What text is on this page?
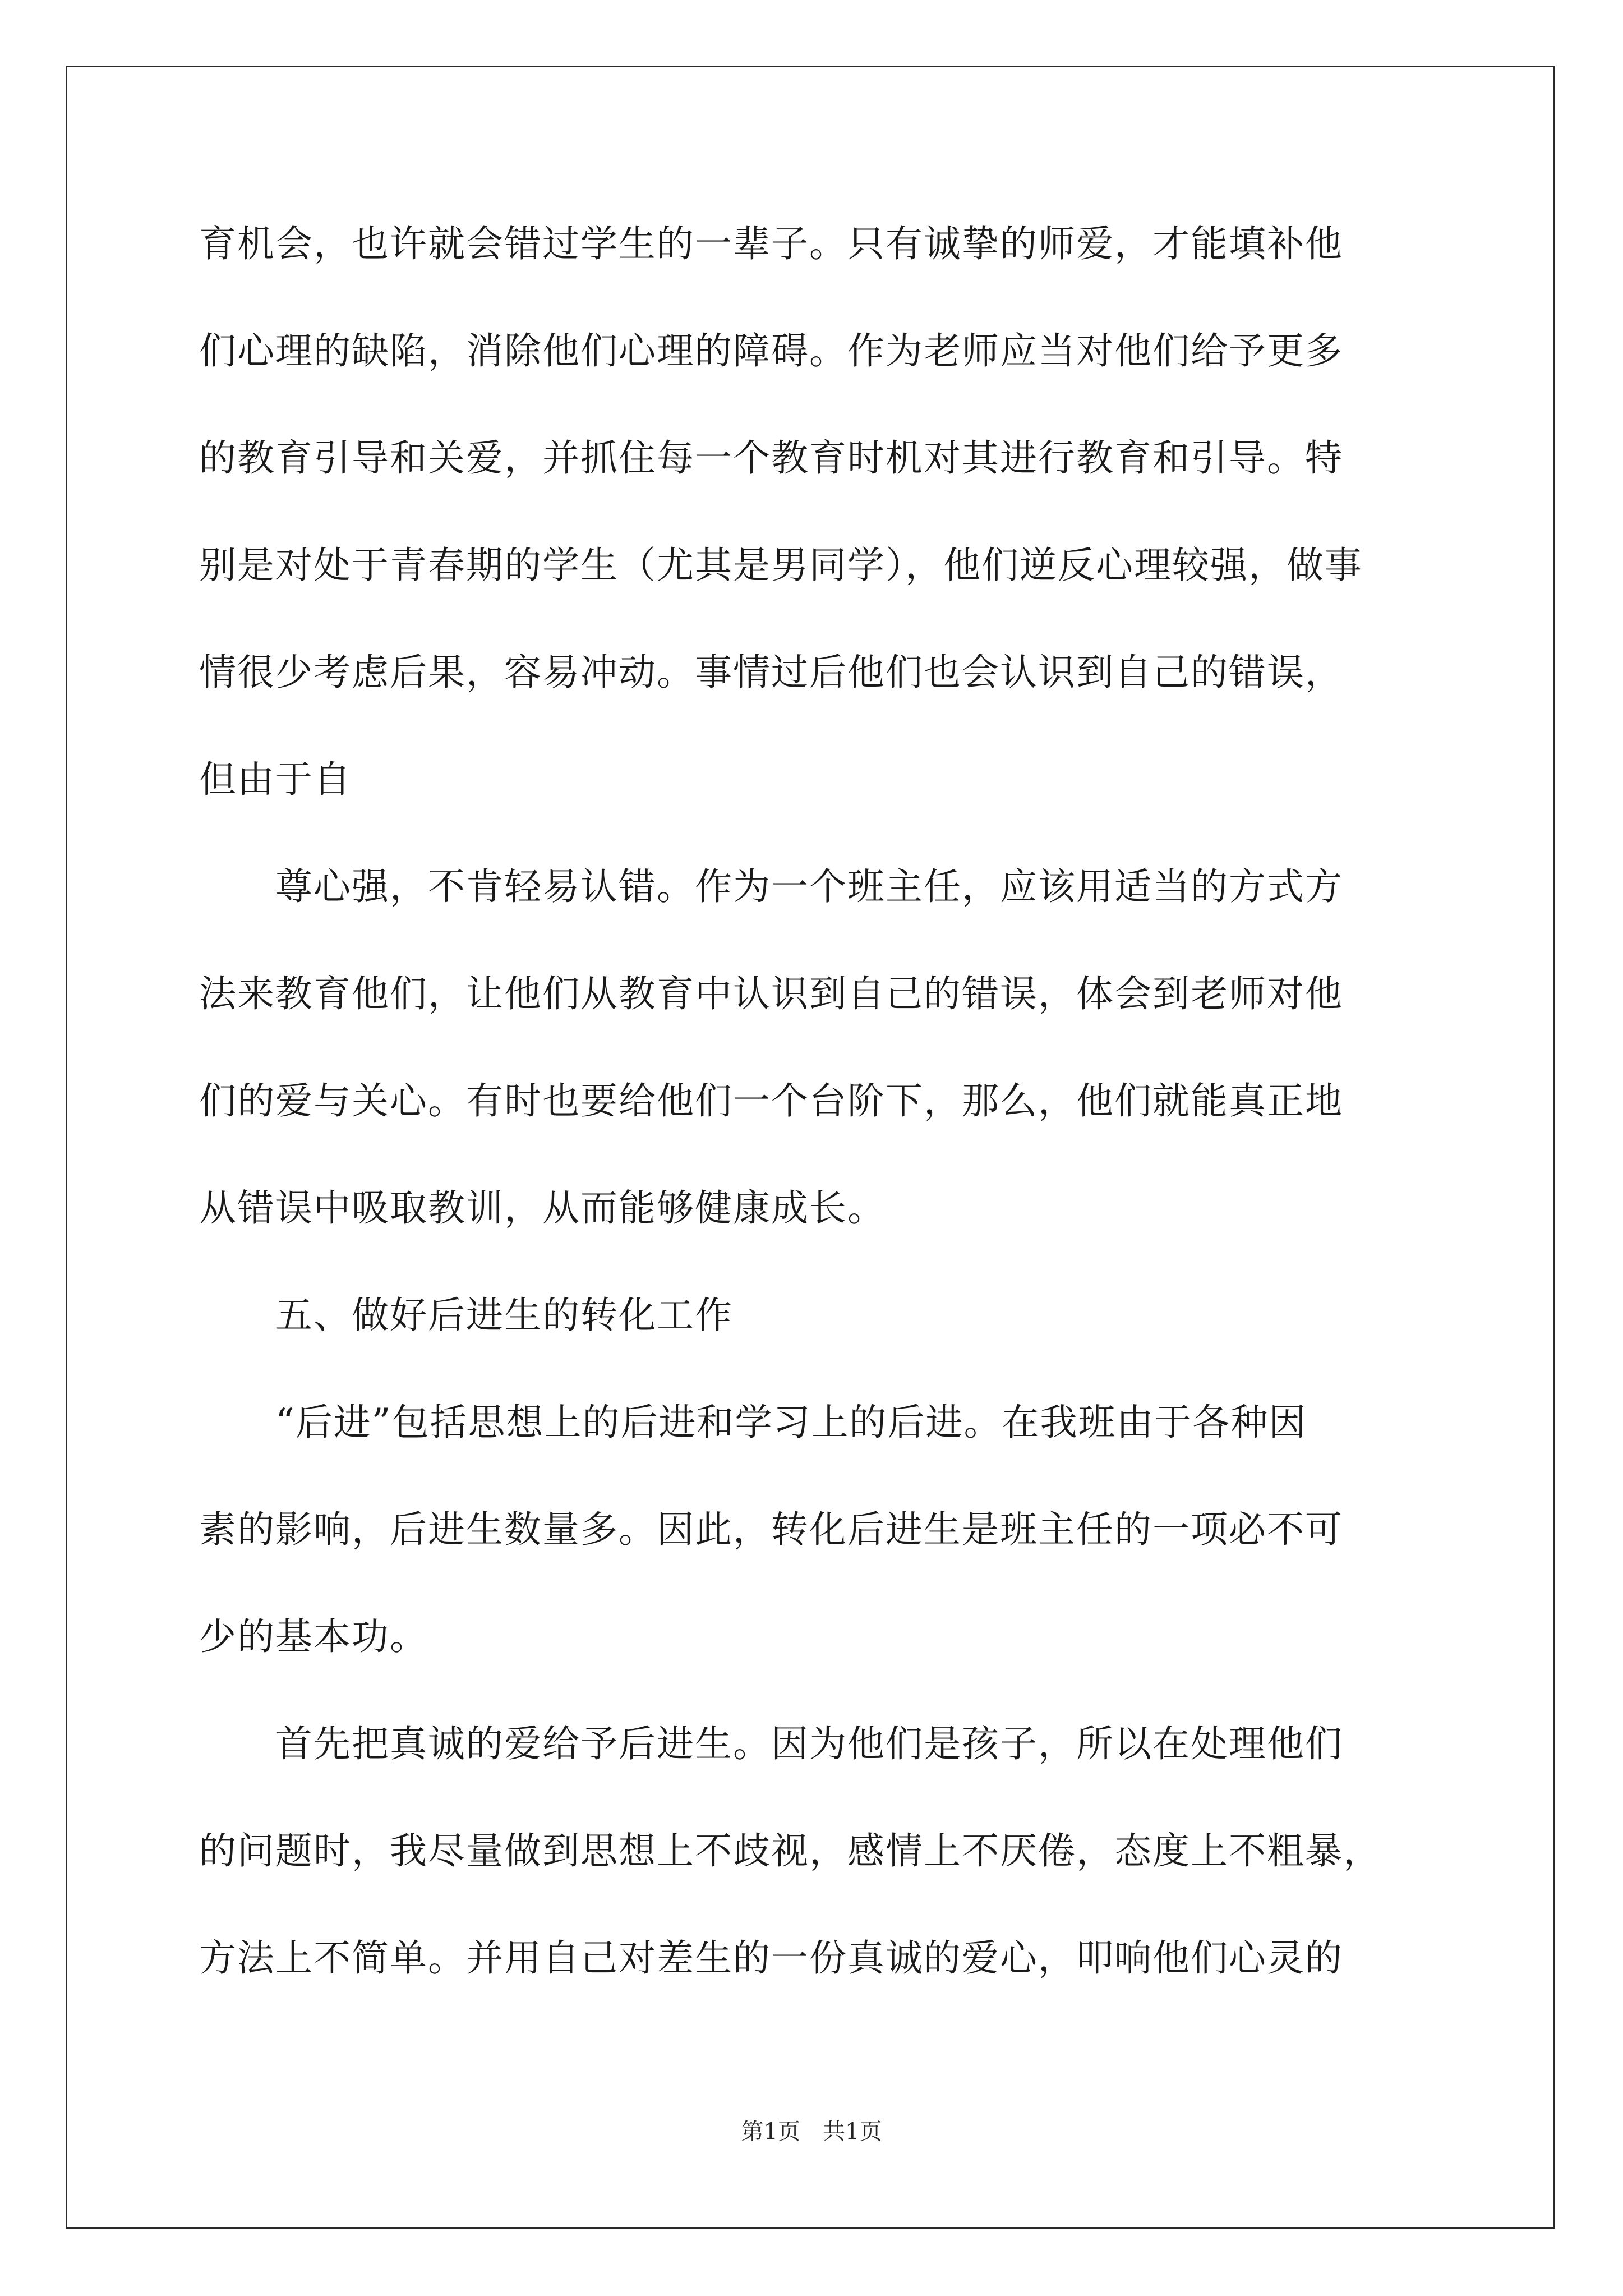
育机会，也许就会错过学生的一辈子。只有诚挚的师爱，才能填补他
们心理的缺陷，消除他们心理的障碍。作为老师应当对他们给予更多
的教育引导和关爱，并抓住每一个教育时机对其进行教育和引导。特
别是对处于青春期的学生（尤其是男同学），他们逆反心理较强，做事
情很少考虑后果，容易冲动。事情过后他们也会认识到自己的错误，
但由于自
　　尊心强，不肯轻易认错。作为一个班主任，应该用适当的方式方
法来教育他们，让他们从教育中认识到自己的错误，体会到老师对他
们的爱与关心。有时也要给他们一个台阶下，那么，他们就能真正地
从错误中吸取教训，从而能够健康成长。
　　五、做好后进生的转化工作
　　“后进”包括思想上的后进和学习上的后进。在我班由于各种因
素的影响，后进生数量多。因此，转化后进生是班主任的一项必不可
少的基本功。
　　首先把真诚的爱给予后进生。因为他们是孩子，所以在处理他们
的问题时，我尽量做到思想上不歧视，感情上不厌倦，态度上不粗暴，
方法上不简单。并用自己对差生的一份真诚的爱心，叩响他们心灵的
第1页　共1页
